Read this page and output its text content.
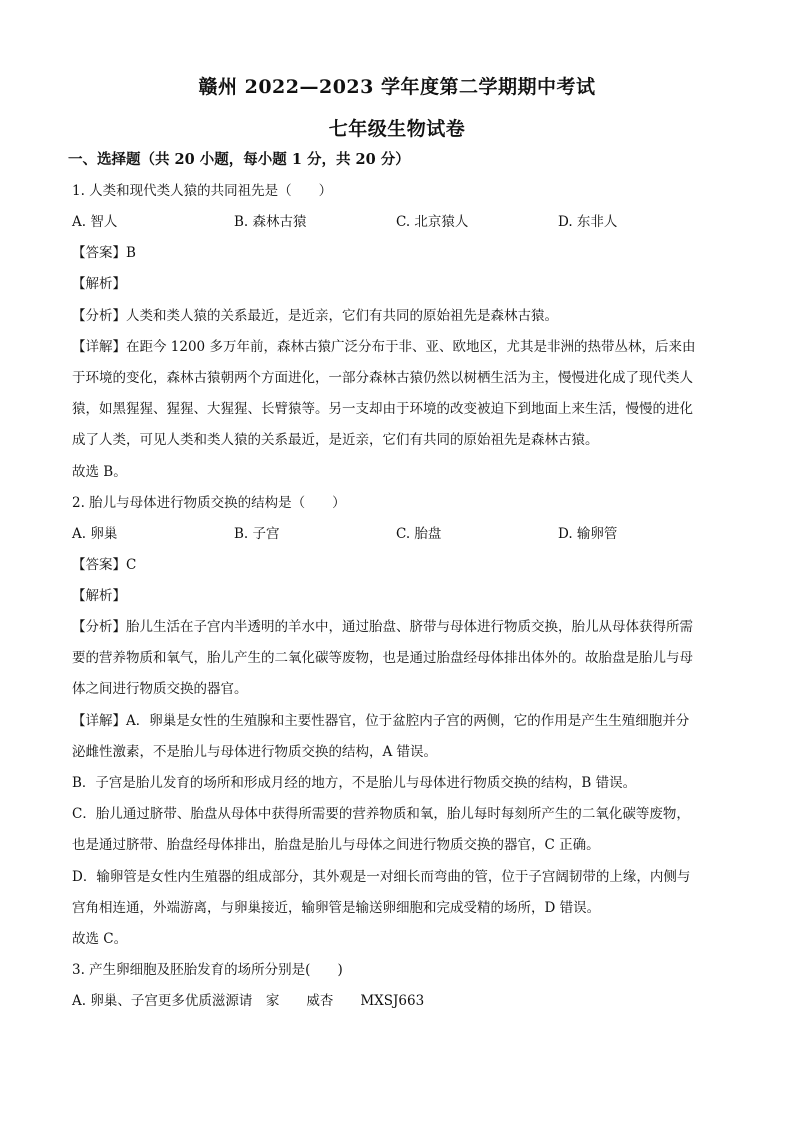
赣州 2022—2023 学年度第二学期期中考试
七年级生物试卷
一、选择题（共 20 小题，每小题 1 分，共 20 分）
1. 人类和现代类人猿的共同祖先是（　　）
A. 智人	B. 森林古猿	C. 北京猿人	D. 东非人
【答案】B
【解析】
【分析】人类和类人猿的关系最近，是近亲，它们有共同的原始祖先是森林古猿。
【详解】在距今 1200 多万年前，森林古猿广泛分布于非、亚、欧地区，尤其是非洲的热带丛林，后来由
于环境的变化，森林古猿朝两个方面进化，一部分森林古猿仍然以树栖生活为主，慢慢进化成了现代类人
猿，如黑猩猩、猩猩、大猩猩、长臂猿等。另一支却由于环境的改变被迫下到地面上来生活，慢慢的进化
成了人类，可见人类和类人猿的关系最近，是近亲，它们有共同的原始祖先是森林古猿。
故选 B。
2. 胎儿与母体进行物质交换的结构是（　　）
A. 卵巢	B. 子宫	C. 胎盘	D. 输卵管
【答案】C
【解析】
【分析】胎儿生活在子宫内半透明的羊水中，通过胎盘、脐带与母体进行物质交换，胎儿从母体获得所需
要的营养物质和氧气，胎儿产生的二氧化碳等废物，也是通过胎盘经母体排出体外的。故胎盘是胎儿与母
体之间进行物质交换的器官。
【详解】A．卵巢是女性的生殖腺和主要性器官，位于盆腔内子宫的两侧，它的作用是产生生殖细胞并分
泌雌性激素，不是胎儿与母体进行物质交换的结构，A 错误。
B．子宫是胎儿发育的场所和形成月经的地方，不是胎儿与母体进行物质交换的结构，B 错误。
C．胎儿通过脐带、胎盘从母体中获得所需要的营养物质和氧，胎儿每时每刻所产生的二氧化碳等废物，
也是通过脐带、胎盘经母体排出，胎盘是胎儿与母体之间进行物质交换的器官，C 正确。
D．输卵管是女性内生殖器的组成部分，其外观是一对细长而弯曲的管，位于子宫阔韧带的上缘，内侧与
宫角相连通，外端游离，与卵巢接近，输卵管是输送卵细胞和完成受精的场所，D 错误。
故选 C。
3. 产生卵细胞及胚胎发育的场所分别是(　　)
A. 卵巢、子宫更多优质滋源请　家　　威杏　　MXSJ663
